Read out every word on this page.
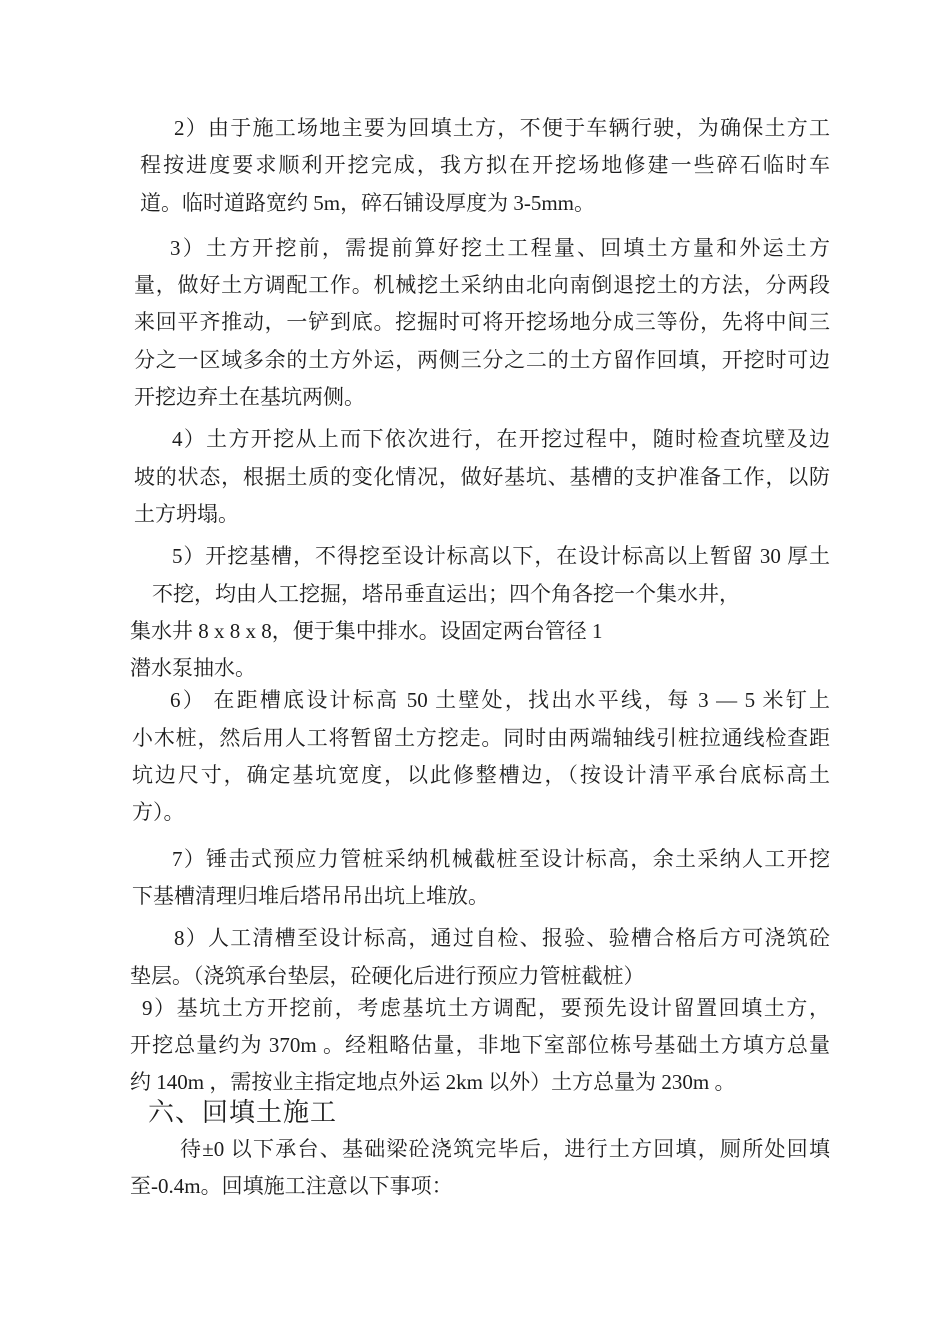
2）由于施工场地主要为回填土方，不便于车辆行驶，为确保土方工
程按进度要求顺利开挖完成，我方拟在开挖场地修建一些碎石临时车
道。临时道路宽约 5m，碎石铺设厚度为 3-5mm。
3）土方开挖前，需提前算好挖土工程量、回填土方量和外运土方
量，做好土方调配工作。机械挖土采纳由北向南倒退挖土的方法，分两段
来回平齐推动，一铲到底。挖掘时可将开挖场地分成三等份，先将中间三
分之一区域多余的土方外运，两侧三分之二的土方留作回填，开挖时可边
开挖边弃土在基坑两侧。
4）土方开挖从上而下依次进行，在开挖过程中，随时检查坑壁及边
坡的状态，根据土质的变化情况，做好基坑、基槽的支护准备工作，以防
土方坍塌。
5）开挖基槽，不得挖至设计标高以下，在设计标高以上暂留 30 厚土
不挖，均由人工挖掘，塔吊垂直运出；四个角各挖一个集水井，
集水井 8 x 8 x 8，便于集中排水。设固定两台管径 1
潜水泵抽水。
6） 在距槽底设计标高 50 土壁处，找出水平线，每 3 — 5 米钉上
小木桩，然后用人工将暂留土方挖走。同时由两端轴线引桩拉通线检查距
坑边尺寸，确定基坑宽度，以此修整槽边，（按设计清平承台底标高土
方）。
7）锤击式预应力管桩采纳机械截桩至设计标高，余土采纳人工开挖
下基槽清理归堆后塔吊吊出坑上堆放。
8）人工清槽至设计标高，通过自检、报验、验槽合格后方可浇筑砼
垫层。（浇筑承台垫层，砼硬化后进行预应力管桩截桩）
9）基坑土方开挖前，考虑基坑土方调配，要预先设计留置回填土方，
开挖总量约为 370m 。经粗略估量，非地下室部位栋号基础土方填方总量
约 140m ，需按业主指定地点外运 2km 以外）土方总量为 230m 。
六、回填土施工
待±0 以下承台、基础梁砼浇筑完毕后，进行土方回填，厕所处回填
至-0.4m。回填施工注意以下事项：
